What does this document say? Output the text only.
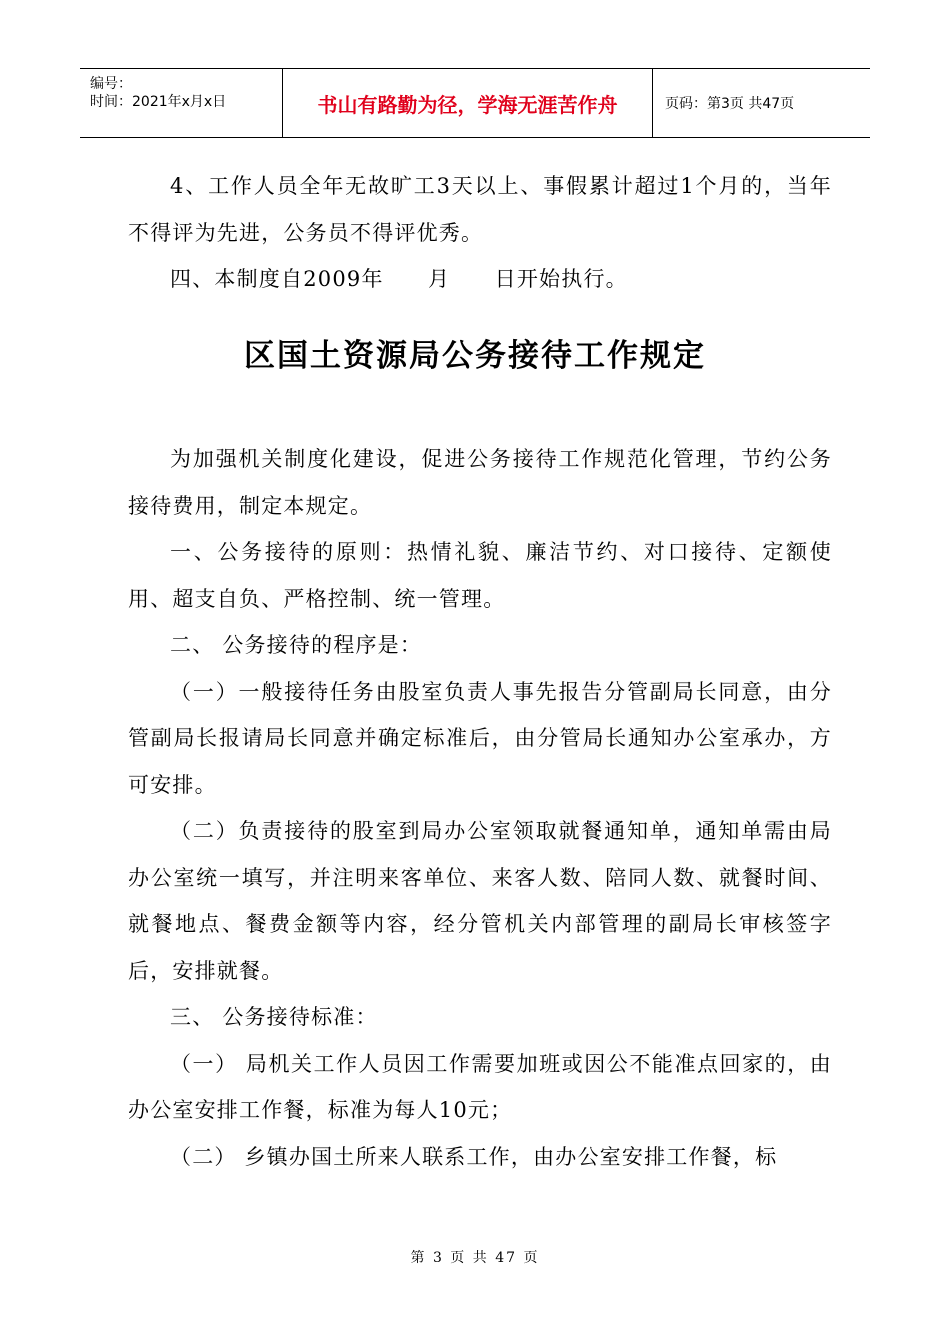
编号：
时间：2021年x月x日	书山有路勤为径，学海无涯苦作舟	页码：第3页 共47页

4、工作人员全年无故旷工3天以上、事假累计超过1个月的，当年不得评为先进，公务员不得评优秀。

四、本制度自2009年　　月　　日开始执行。

区国土资源局公务接待工作规定

为加强机关制度化建设，促进公务接待工作规范化管理，节约公务接待费用，制定本规定。

一、公务接待的原则：热情礼貌、廉洁节约、对口接待、定额使用、超支自负、严格控制、统一管理。

二、 公务接待的程序是：

（一）一般接待任务由股室负责人事先报告分管副局长同意，由分管副局长报请局长同意并确定标准后，由分管局长通知办公室承办，方可安排。

（二）负责接待的股室到局办公室领取就餐通知单，通知单需由局办公室统一填写，并注明来客单位、来客人数、陪同人数、就餐时间、就餐地点、餐费金额等内容，经分管机关内部管理的副局长审核签字后，安排就餐。

三、 公务接待标准：

（一） 局机关工作人员因工作需要加班或因公不能准点回家的，由办公室安排工作餐，标准为每人10元；

（二） 乡镇办国土所来人联系工作，由办公室安排工作餐，标

第 3 页 共 47 页
